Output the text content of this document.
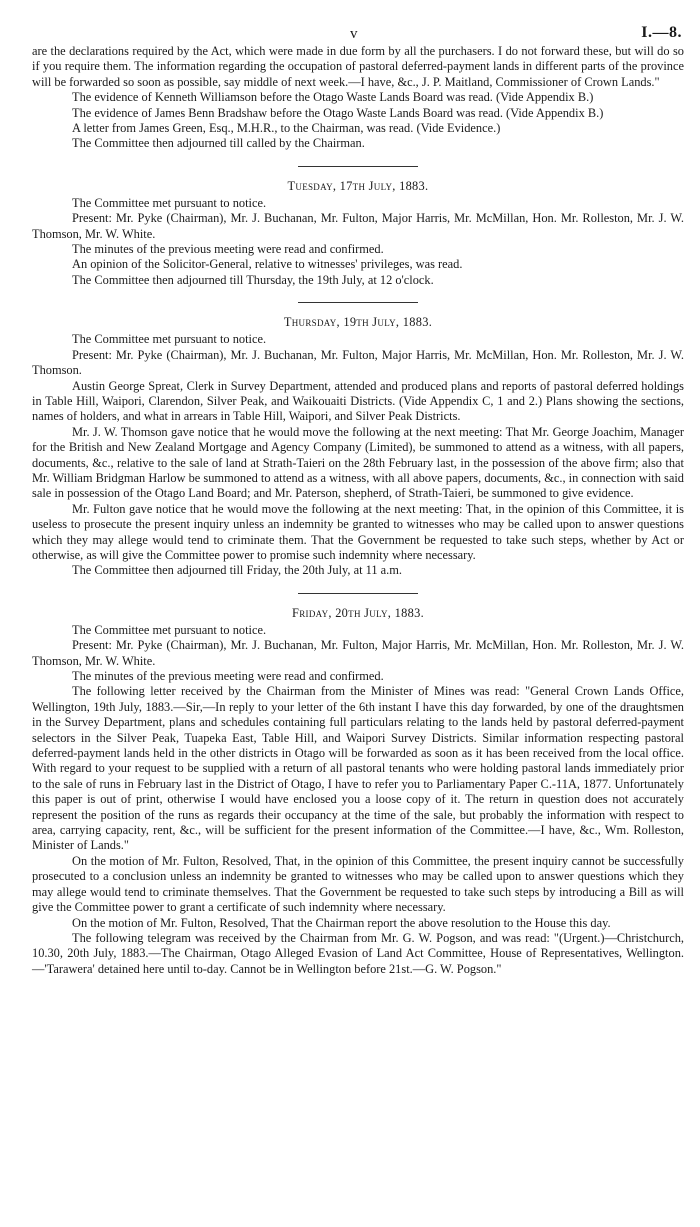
v	I.—8.

are the declarations required by the Act, which were made in due form by all the purchasers. I do not forward these, but will do so if you require them. The information regarding the occupation of pastoral deferred-payment lands in different parts of the province will be forwarded so soon as possible, say middle of next week.—I have, &c., J. P. Maitland, Commissioner of Crown Lands."

The evidence of Kenneth Williamson before the Otago Waste Lands Board was read. (Vide Appendix B.)

The evidence of James Benn Bradshaw before the Otago Waste Lands Board was read. (Vide Appendix B.)

A letter from James Green, Esq., M.H.R., to the Chairman, was read. (Vide Evidence.)

The Committee then adjourned till called by the Chairman.

Tuesday, 17th July, 1883.

The Committee met pursuant to notice.

Present: Mr. Pyke (Chairman), Mr. J. Buchanan, Mr. Fulton, Major Harris, Mr. McMillan, Hon. Mr. Rolleston, Mr. J. W. Thomson, Mr. W. White.

The minutes of the previous meeting were read and confirmed.

An opinion of the Solicitor-General, relative to witnesses' privileges, was read.

The Committee then adjourned till Thursday, the 19th July, at 12 o'clock.

Thursday, 19th July, 1883.

The Committee met pursuant to notice.

Present: Mr. Pyke (Chairman), Mr. J. Buchanan, Mr. Fulton, Major Harris, Mr. McMillan, Hon. Mr. Rolleston, Mr. J. W. Thomson.

Austin George Spreat, Clerk in Survey Department, attended and produced plans and reports of pastoral deferred holdings in Table Hill, Waipori, Clarendon, Silver Peak, and Waikouaiti Districts. (Vide Appendix C, 1 and 2.) Plans showing the sections, names of holders, and what in arrears in Table Hill, Waipori, and Silver Peak Districts.

Mr. J. W. Thomson gave notice that he would move the following at the next meeting: That Mr. George Joachim, Manager for the British and New Zealand Mortgage and Agency Company (Limited), be summoned to attend as a witness, with all papers, documents, &c., relative to the sale of land at Strath-Taieri on the 28th February last, in the possession of the above firm; also that Mr. William Bridgman Harlow be summoned to attend as a witness, with all above papers, documents, &c., in connection with said sale in possession of the Otago Land Board; and Mr. Paterson, shepherd, of Strath-Taieri, be summoned to give evidence.

Mr. Fulton gave notice that he would move the following at the next meeting: That, in the opinion of this Committee, it is useless to prosecute the present inquiry unless an indemnity be granted to witnesses who may be called upon to answer questions which they may allege would tend to criminate them. That the Government be requested to take such steps, whether by Act or otherwise, as will give the Committee power to promise such indemnity where necessary.

The Committee then adjourned till Friday, the 20th July, at 11 a.m.

Friday, 20th July, 1883.

The Committee met pursuant to notice.

Present: Mr. Pyke (Chairman), Mr. J. Buchanan, Mr. Fulton, Major Harris, Mr. McMillan, Hon. Mr. Rolleston, Mr. J. W. Thomson, Mr. W. White.

The minutes of the previous meeting were read and confirmed.

The following letter received by the Chairman from the Minister of Mines was read: "General Crown Lands Office, Wellington, 19th July, 1883.—Sir,—In reply to your letter of the 6th instant I have this day forwarded, by one of the draughtsmen in the Survey Department, plans and schedules containing full particulars relating to the lands held by pastoral deferred-payment selectors in the Silver Peak, Tuapeka East, Table Hill, and Waipori Survey Districts. Similar information respecting pastoral deferred-payment lands held in the other districts in Otago will be forwarded as soon as it has been received from the local office. With regard to your request to be supplied with a return of all pastoral tenants who were holding pastoral lands immediately prior to the sale of runs in February last in the District of Otago, I have to refer you to Parliamentary Paper C.-11A, 1877. Unfortunately this paper is out of print, otherwise I would have enclosed you a loose copy of it. The return in question does not accurately represent the position of the runs as regards their occupancy at the time of the sale, but probably the information with respect to area, carrying capacity, rent, &c., will be sufficient for the present information of the Committee.—I have, &c., Wm. Rolleston, Minister of Lands."

On the motion of Mr. Fulton, Resolved, That, in the opinion of this Committee, the present inquiry cannot be successfully prosecuted to a conclusion unless an indemnity be granted to witnesses who may be called upon to answer questions which they may allege would tend to criminate themselves. That the Government be requested to take such steps by introducing a Bill as will give the Committee power to grant a certificate of such indemnity where necessary.

On the motion of Mr. Fulton, Resolved, That the Chairman report the above resolution to the House this day.

The following telegram was received by the Chairman from Mr. G. W. Pogson, and was read: "(Urgent.)—Christchurch, 10.30, 20th July, 1883.—The Chairman, Otago Alleged Evasion of Land Act Committee, House of Representatives, Wellington.—'Tarawera' detained here until to-day. Cannot be in Wellington before 21st.—G. W. Pogson."
